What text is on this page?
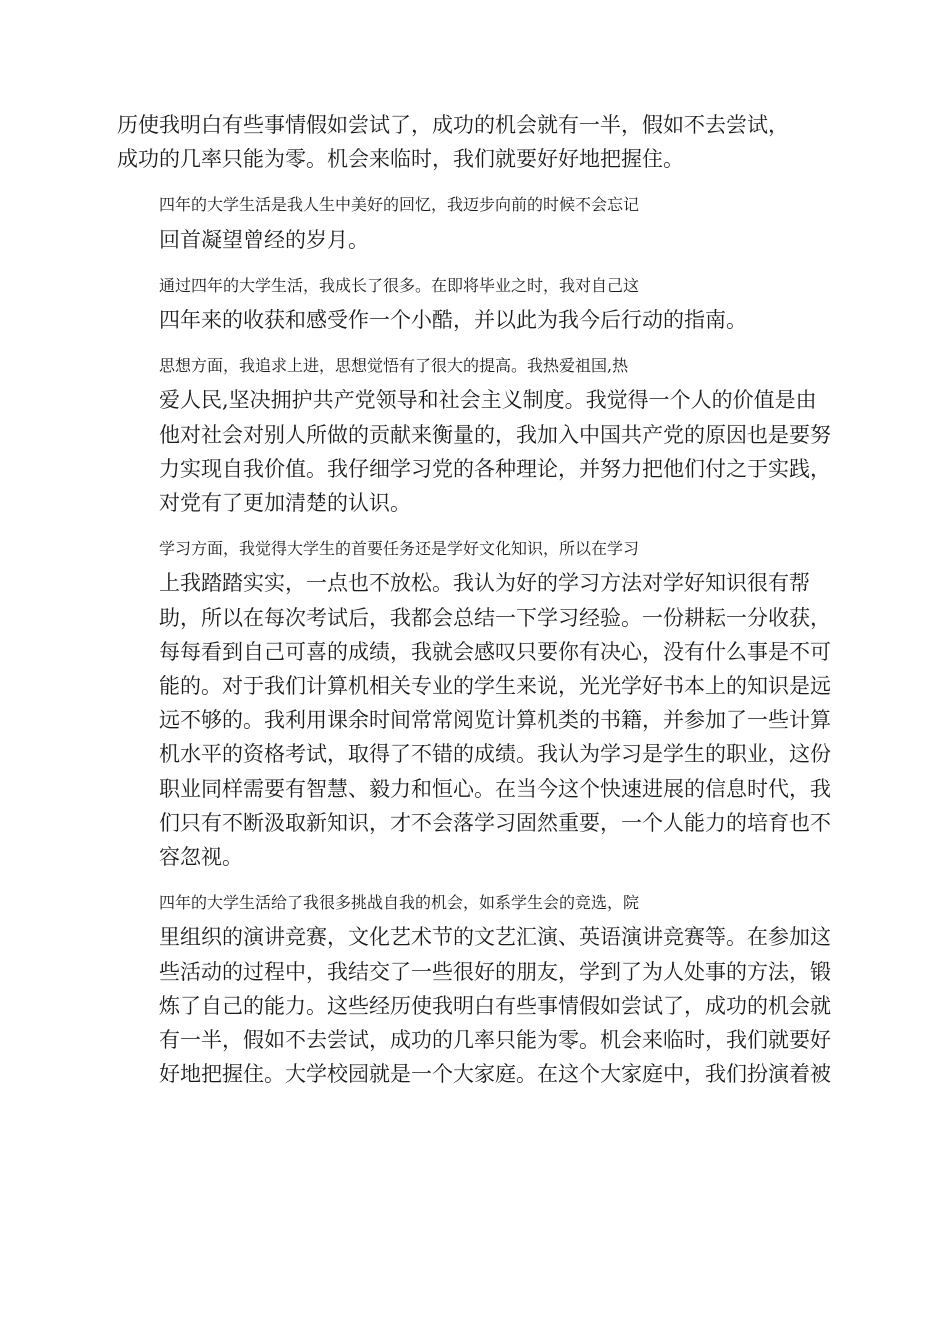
历使我明白有些事情假如尝试了，成功的机会就有一半，假如不去尝试，
成功的几率只能为零。机会来临时，我们就要好好地把握住。

四年的大学生活是我人生中美好的回忆，我迈步向前的时候不会忘记
回首凝望曾经的岁月。

通过四年的大学生活，我成长了很多。在即将毕业之时，我对自己这
四年来的收获和感受作一个小酷，并以此为我今后行动的指南。

思想方面，我追求上进，思想觉悟有了很大的提高。我热爱祖国,热
爱人民,坚决拥护共产党领导和社会主义制度。我觉得一个人的价值是由
他对社会对别人所做的贡献来衡量的，我加入中国共产党的原因也是要努
力实现自我价值。我仔细学习党的各种理论，并努力把他们付之于实践，
对党有了更加清楚的认识。

学习方面，我觉得大学生的首要任务还是学好文化知识，所以在学习
上我踏踏实实，一点也不放松。我认为好的学习方法对学好知识很有帮
助，所以在每次考试后，我都会总结一下学习经验。一份耕耘一分收获，
每每看到自己可喜的成绩，我就会感叹只要你有决心，没有什么事是不可
能的。对于我们计算机相关专业的学生来说，光光学好书本上的知识是远
远不够的。我利用课余时间常常阅览计算机类的书籍，并参加了一些计算
机水平的资格考试，取得了不错的成绩。我认为学习是学生的职业，这份
职业同样需要有智慧、毅力和恒心。在当今这个快速进展的信息时代，我
们只有不断汲取新知识，才不会落学习固然重要，一个人能力的培育也不
容忽视。

四年的大学生活给了我很多挑战自我的机会，如系学生会的竞选，院
里组织的演讲竞赛，文化艺术节的文艺汇演、英语演讲竞赛等。在参加这
些活动的过程中，我结交了一些很好的朋友，学到了为人处事的方法，锻
炼了自己的能力。这些经历使我明白有些事情假如尝试了，成功的机会就
有一半，假如不去尝试，成功的几率只能为零。机会来临时，我们就要好
好地把握住。大学校园就是一个大家庭。在这个大家庭中，我们扮演着被
